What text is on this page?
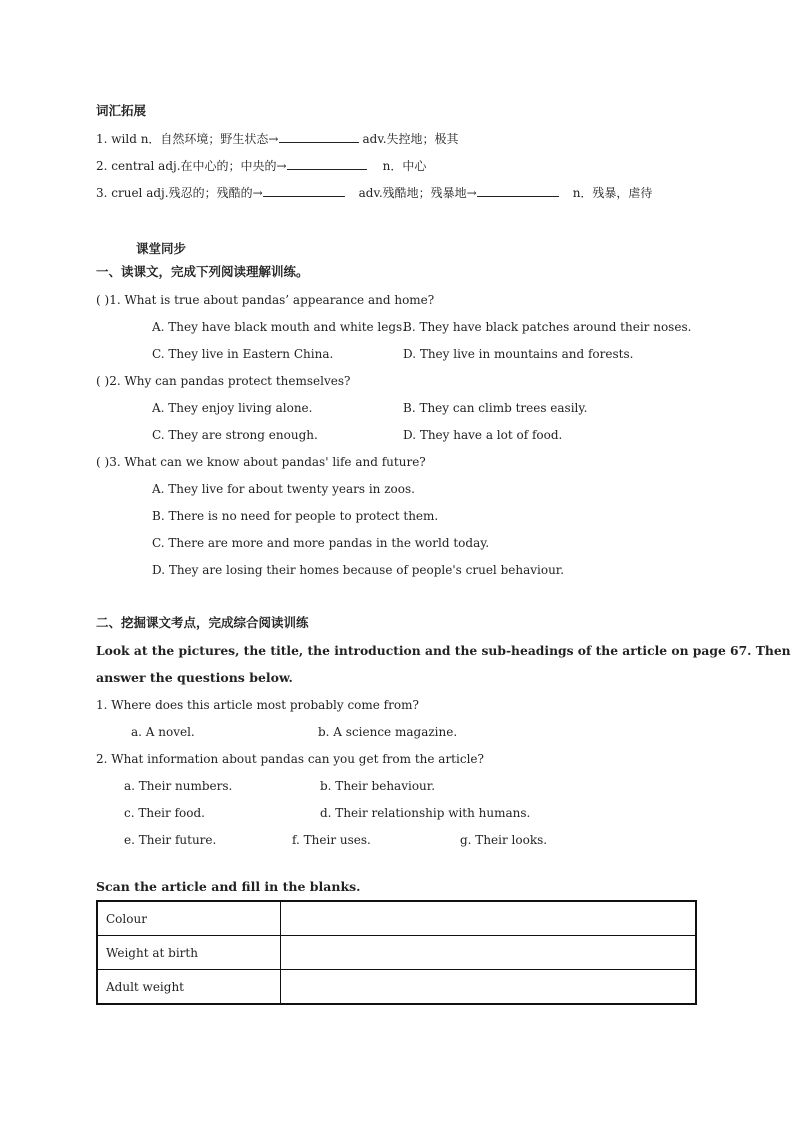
词汇拓展
1. wild n．自然环境；野生状态→	adv.失控地；极其
2. central adj.在中心的；中央的→	n．中心
3. cruel adj.残忍的；残酷的→	adv.残酷地；残暴地→	n．残暴，虐待
课堂同步
一、读课文，完成下列阅读理解训练。
( )1. What is true about pandas’ appearance and home?
A. They have black mouth and white legs.
B. They have black patches around their noses.
C. They live in Eastern China.	D. They live in mountains and forests.
( )2. Why can pandas protect themselves?
A. They enjoy living alone.	B. They can climb trees easily.
C. They are strong enough.	D. They have a lot of food.
( )3. What can we know about pandas' life and future?
A. They live for about twenty years in zoos.
B. There is no need for people to protect them.
C. There are more and more pandas in the world today.
D. They are losing their homes because of people's cruel behaviour.
二、挖掘课文考点，完成综合阅读训练
Look at the pictures, the title, the introduction and the sub-headings of the article on page 67. Then
answer the questions below.
1. Where does this article most probably come from?
a. A novel.	b. A science magazine.
2. What information about pandas can you get from the article?
a. Their numbers.	b. Their behaviour.
c. Their food.	d. Their relationship with humans.
e. Their future.	f. Their uses.	g. Their looks.
Scan the article and fill in the blanks.
Colour	
Weight at birth	
Adult weight	
